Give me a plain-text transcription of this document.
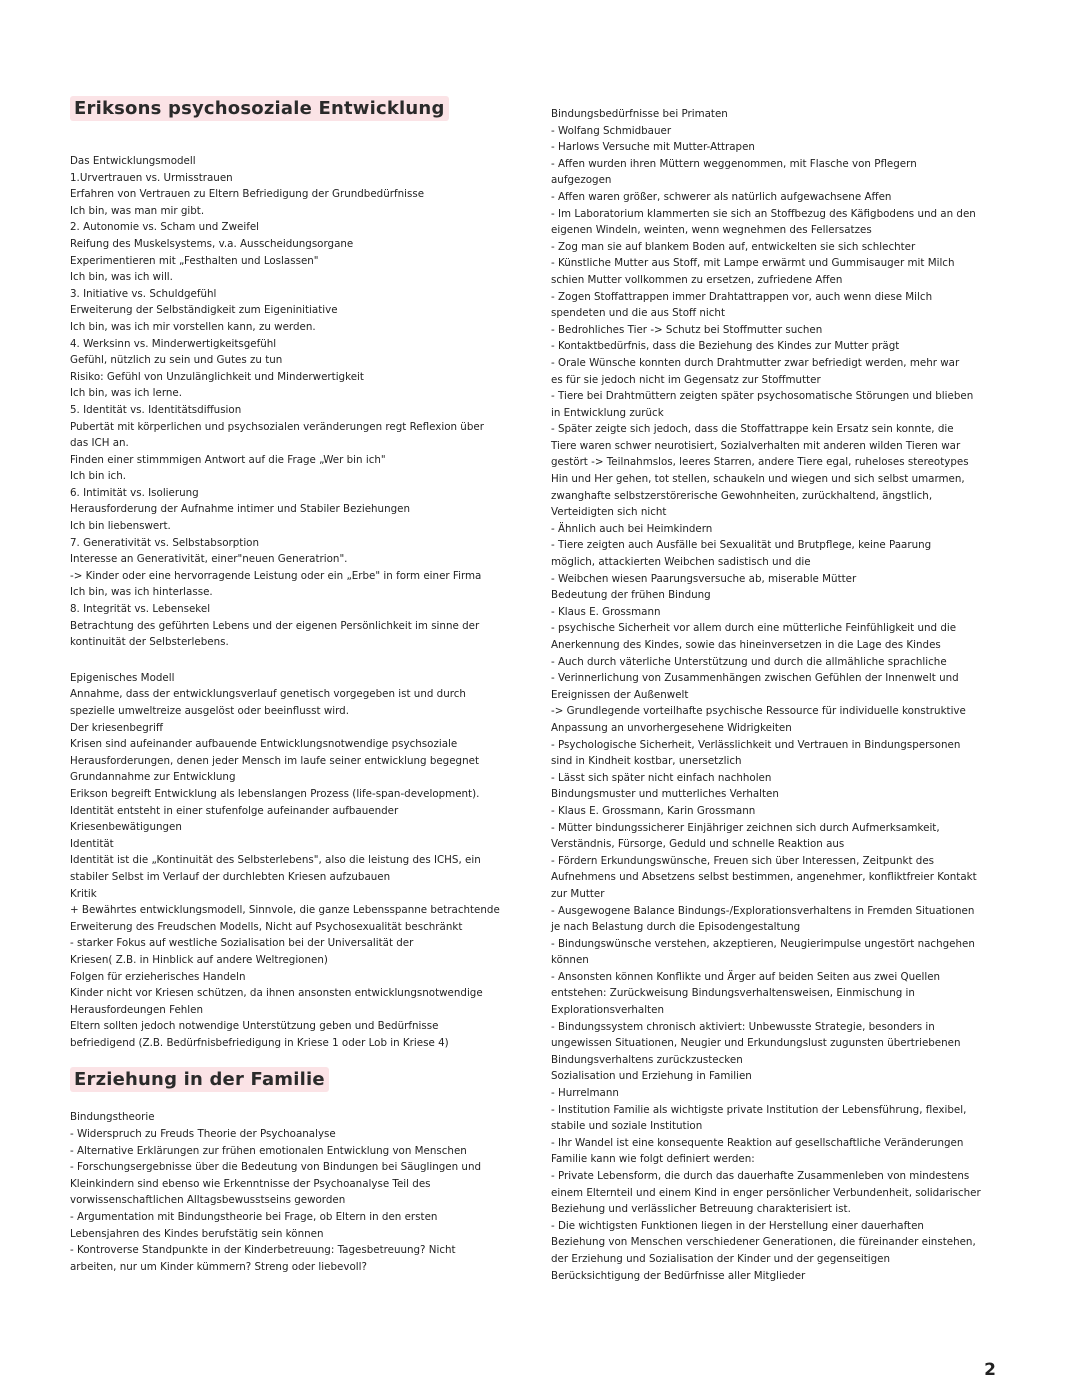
Eriksons psychosoziale Entwicklung
Das Entwicklungsmodell
1.Urvertrauen vs. Urmisstrauen
Erfahren von Vertrauen zu Eltern Befriedigung der Grundbedürfnisse
Ich bin, was man mir gibt.
2. Autonomie vs. Scham und Zweifel
Reifung des Muskelsystems, v.a. Ausscheidungsorgane
Experimentieren mit „Festhalten und Loslassen"
Ich bin, was ich will.
3. Initiative vs. Schuldgefühl
Erweiterung der Selbständigkeit zum Eigeninitiative
Ich bin, was ich mir vorstellen kann, zu werden.
4. Werksinn vs. Minderwertigkeitsgefühl
Gefühl, nützlich zu sein und Gutes zu tun
Risiko: Gefühl von Unzulänglichkeit und Minderwertigkeit
Ich bin, was ich lerne.
5. Identität vs. Identitätsdiffusion
Pubertät mit körperlichen und psychsozialen veränderungen regt Reflexion über
das ICH an.
Finden einer stimmmigen Antwort auf die Frage „Wer bin ich"
Ich bin ich.
6. Intimität vs. Isolierung
Herausforderung der Aufnahme intimer und Stabiler Beziehungen
Ich bin liebenswert.
7. Generativität vs. Selbstabsorption
Interesse an Generativität, einer"neuen Generatrion".
-> Kinder oder eine hervorragende Leistung oder ein „Erbe" in form einer Firma
Ich bin, was ich hinterlasse.
8. Integrität vs. Lebensekel
Betrachtung des geführten Lebens und der eigenen Persönlichkeit im sinne der
kontinuität der Selbsterlebens.
Epigenisches Modell
Annahme, dass der entwicklungsverlauf genetisch vorgegeben ist und durch
spezielle umweltreize ausgelöst oder beeinflusst wird.
Der kriesenbegriff
Krisen sind aufeinander aufbauende Entwicklungsnotwendige psychsoziale
Herausforderungen, denen jeder Mensch im laufe seiner entwicklung begegnet
Grundannahme zur Entwicklung
Erikson begreift Entwicklung als lebenslangen Prozess (life-span-development).
Identität entsteht in einer stufenfolge aufeinander aufbauender
Kriesenbewätigungen
Identität
Identität ist die „Kontinuität des Selbsterlebens", also die leistung des ICHS, ein
stabiler Selbst im Verlauf der durchlebten Kriesen aufzubauen
Kritik
+ Bewährtes entwicklungsmodell, Sinnvole, die ganze Lebensspanne betrachtende
Erweiterung des Freudschen Modells, Nicht auf Psychosexualität beschränkt
- starker Fokus auf westliche Sozialisation bei der Universalität der
Kriesen( Z.B. in Hinblick auf andere Weltregionen)
Folgen für erzieherisches Handeln
Kinder nicht vor Kriesen schützen, da ihnen ansonsten entwicklungsnotwendige
Herausfordeungen Fehlen
Eltern sollten jedoch notwendige Unterstützung geben und Bedürfnisse
befriedigend (Z.B. Bedürfnisbefriedigung in Kriese 1 oder Lob in Kriese 4)
Erziehung in der Familie
Bindungstheorie
- Widerspruch zu Freuds Theorie der Psychoanalyse
- Alternative Erklärungen zur frühen emotionalen Entwicklung von Menschen
- Forschungsergebnisse über die Bedeutung von Bindungen bei Säuglingen und
Kleinkindern sind ebenso wie Erkenntnisse der Psychoanalyse Teil des
vorwissenschaftlichen Alltagsbewusstseins geworden
- Argumentation mit Bindungstheorie bei Frage, ob Eltern in den ersten
Lebensjahren des Kindes berufstätig sein können
- Kontroverse Standpunkte in der Kinderbetreuung: Tagesbetreuung? Nicht
arbeiten, nur um Kinder kümmern? Streng oder liebevoll?
Bindungsbedürfnisse bei Primaten
- Wolfang Schmidbauer
- Harlows Versuche mit Mutter-Attrapen
- Affen wurden ihren Müttern weggenommen, mit Flasche von Pflegern
aufgezogen
- Affen waren größer, schwerer als natürlich aufgewachsene Affen
- Im Laboratorium klammerten sie sich an Stoffbezug des Käfigbodens und an den
eigenen Windeln, weinten, wenn wegnehmen des Fellersatzes
- Zog man sie auf blankem Boden auf, entwickelten sie sich schlechter
- Künstliche Mutter aus Stoff, mit Lampe erwärmt und Gummisauger mit Milch
schien Mutter vollkommen zu ersetzen, zufriedene Affen
- Zogen Stoffattrappen immer Drahtattrappen vor, auch wenn diese Milch
spendeten und die aus Stoff nicht
- Bedrohliches Tier -> Schutz bei Stoffmutter suchen
- Kontaktbedürfnis, dass die Beziehung des Kindes zur Mutter prägt
- Orale Wünsche konnten durch Drahtmutter zwar befriedigt werden, mehr war
es für sie jedoch nicht im Gegensatz zur Stoffmutter
- Tiere bei Drahtmüttern zeigten später psychosomatische Störungen und blieben
in Entwicklung zurück
- Später zeigte sich jedoch, dass die Stoffattrappe kein Ersatz sein konnte, die
Tiere waren schwer neurotisiert, Sozialverhalten mit anderen wilden Tieren war
gestört -> Teilnahmslos, leeres Starren, andere Tiere egal, ruheloses stereotypes
Hin und Her gehen, tot stellen, schaukeln und wiegen und sich selbst umarmen,
zwanghafte selbstzerstörerische Gewohnheiten, zurückhaltend, ängstlich,
Verteidigten sich nicht
- Ähnlich auch bei Heimkindern
- Tiere zeigten auch Ausfälle bei Sexualität und Brutpflege, keine Paarung
möglich, attackierten Weibchen sadistisch und die
- Weibchen wiesen Paarungsversuche ab, miserable Mütter
Bedeutung der frühen Bindung
- Klaus E. Grossmann
- psychische Sicherheit vor allem durch eine mütterliche Feinfühligkeit und die
Anerkennung des Kindes, sowie das hineinversetzen in die Lage des Kindes
- Auch durch väterliche Unterstützung und durch die allmähliche sprachliche
- Verinnerlichung von Zusammenhängen zwischen Gefühlen der Innenwelt und
Ereignissen der Außenwelt
-> Grundlegende vorteilhafte psychische Ressource für individuelle konstruktive
Anpassung an unvorhergesehene Widrigkeiten
- Psychologische Sicherheit, Verlässlichkeit und Vertrauen in Bindungspersonen
sind in Kindheit kostbar, unersetzlich
- Lässt sich später nicht einfach nachholen
Bindungsmuster und mutterliches Verhalten
- Klaus E. Grossmann, Karin Grossmann
- Mütter bindungssicherer Einjähriger zeichnen sich durch Aufmerksamkeit,
Verständnis, Fürsorge, Geduld und schnelle Reaktion aus
- Fördern Erkundungswünsche, Freuen sich über Interessen, Zeitpunkt des
Aufnehmens und Absetzens selbst bestimmen, angenehmer, konfliktfreier Kontakt
zur Mutter
- Ausgewogene Balance Bindungs-/Explorationsverhaltens in Fremden Situationen
je nach Belastung durch die Episodengestaltung
- Bindungswünsche verstehen, akzeptieren, Neugierimpulse ungestört nachgehen
können
- Ansonsten können Konflikte und Ärger auf beiden Seiten aus zwei Quellen
entstehen: Zurückweisung Bindungsverhaltensweisen, Einmischung in
Explorationsverhalten
- Bindungssystem chronisch aktiviert: Unbewusste Strategie, besonders in
ungewissen Situationen, Neugier und Erkundungslust zugunsten übertriebenen
Bindungsverhaltens zurückzustecken
Sozialisation und Erziehung in Familien
- Hurrelmann
- Institution Familie als wichtigste private Institution der Lebensführung, flexibel,
stabile und soziale Institution
- Ihr Wandel ist eine konsequente Reaktion auf gesellschaftliche Veränderungen
Familie kann wie folgt definiert werden:
- Private Lebensform, die durch das dauerhafte Zusammenleben von mindestens
einem Elternteil und einem Kind in enger persönlicher Verbundenheit, solidarischer
Beziehung und verlässlicher Betreuung charakterisiert ist.
- Die wichtigsten Funktionen liegen in der Herstellung einer dauerhaften
Beziehung von Menschen verschiedener Generationen, die füreinander einstehen,
der Erziehung und Sozialisation der Kinder und der gegenseitigen
Berücksichtigung der Bedürfnisse aller Mitglieder
2
